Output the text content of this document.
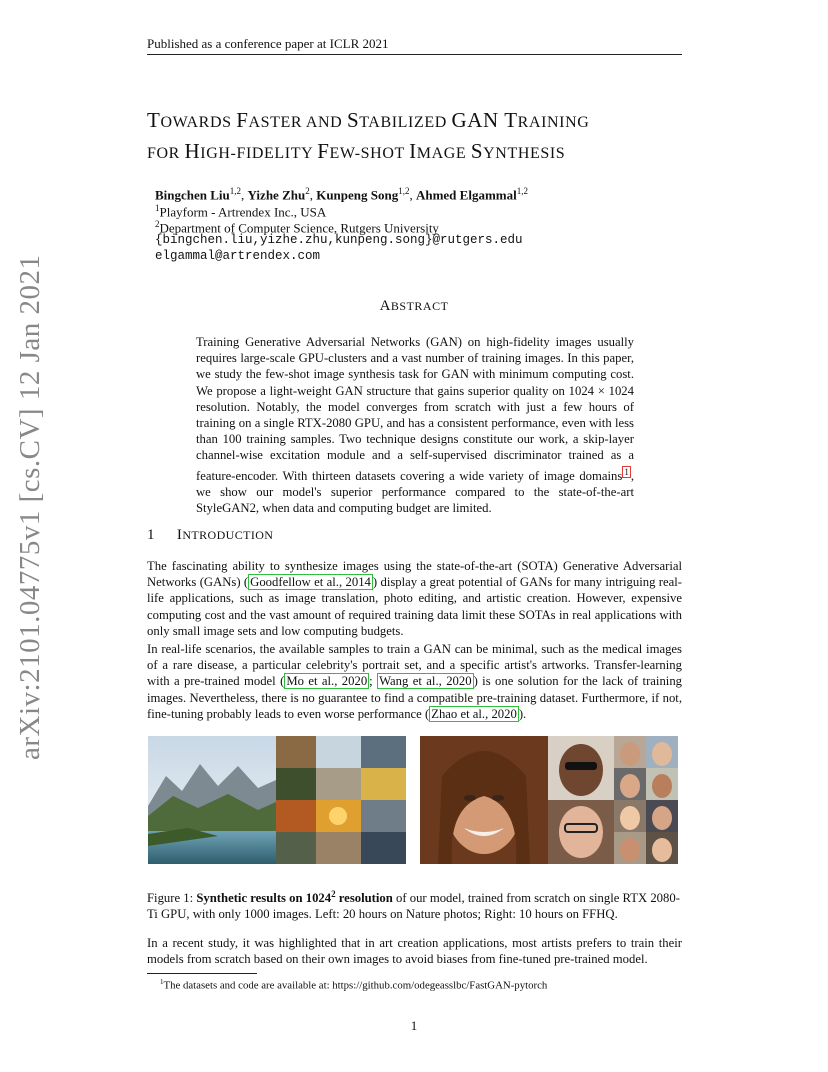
Published as a conference paper at ICLR 2021
arXiv:2101.04775v1 [cs.CV] 12 Jan 2021
TOWARDS FASTER AND STABILIZED GAN TRAINING
FOR HIGH-FIDELITY FEW-SHOT IMAGE SYNTHESIS
Bingchen Liu$^{1,2}$, Yizhe Zhu$^2$, Kunpeng Song$^{1,2}$, Ahmed Elgammal$^{1,2}$
$^1$Playform - Artrendex Inc., USA
$^2$Department of Computer Science, Rutgers University
{bingchen.liu,yizhe.zhu,kunpeng.song}@rutgers.edu
elgammal@artrendex.com
ABSTRACT
Training Generative Adversarial Networks (GAN) on high-fidelity images usually requires large-scale GPU-clusters and a vast number of training images. In this paper, we study the few-shot image synthesis task for GAN with minimum computing cost. We propose a light-weight GAN structure that gains superior quality on 1024 × 1024 resolution. Notably, the model converges from scratch with just a few hours of training on a single RTX-2080 GPU, and has a consistent performance, even with less than 100 training samples. Two technique designs constitute our work, a skip-layer channel-wise excitation module and a self-supervised discriminator trained as a feature-encoder. With thirteen datasets covering a wide variety of image domains $^1$ , we show our model's superior performance compared to the state-of-the-art StyleGAN2, when data and computing budget are limited.
1 INTRODUCTION
The fascinating ability to synthesize images using the state-of-the-art (SOTA) Generative Adversarial Networks (GANs) ( Goodfellow et al., 2014 ) display a great potential of GANs for many intriguing real-life applications, such as image translation, photo editing, and artistic creation. However, expensive computing cost and the vast amount of required training data limit these SOTAs in real applications with only small image sets and low computing budgets.
In real-life scenarios, the available samples to train a GAN can be minimal, such as the medical images of a rare disease, a particular celebrity's portrait set, and a specific artist's artworks. Transfer-learning with a pre-trained model ( Mo et al., 2020 ; Wang et al., 2020 ) is one solution for the lack of training images. Nevertheless, there is no guarantee to find a compatible pre-training dataset. Furthermore, if not, fine-tuning probably leads to even worse performance ( Zhao et al., 2020 ).
Figure 1: Synthetic results on 1024$^2$ resolution of our model, trained from scratch on single RTX 2080-Ti GPU, with only 1000 images. Left: 20 hours on Nature photos; Right: 10 hours on FFHQ.
In a recent study, it was highlighted that in art creation applications, most artists prefers to train their models from scratch based on their own images to avoid biases from fine-tuned pre-trained model.
$^1$The datasets and code are available at: https://github.com/odegeasslbc/FastGAN-pytorch
1
